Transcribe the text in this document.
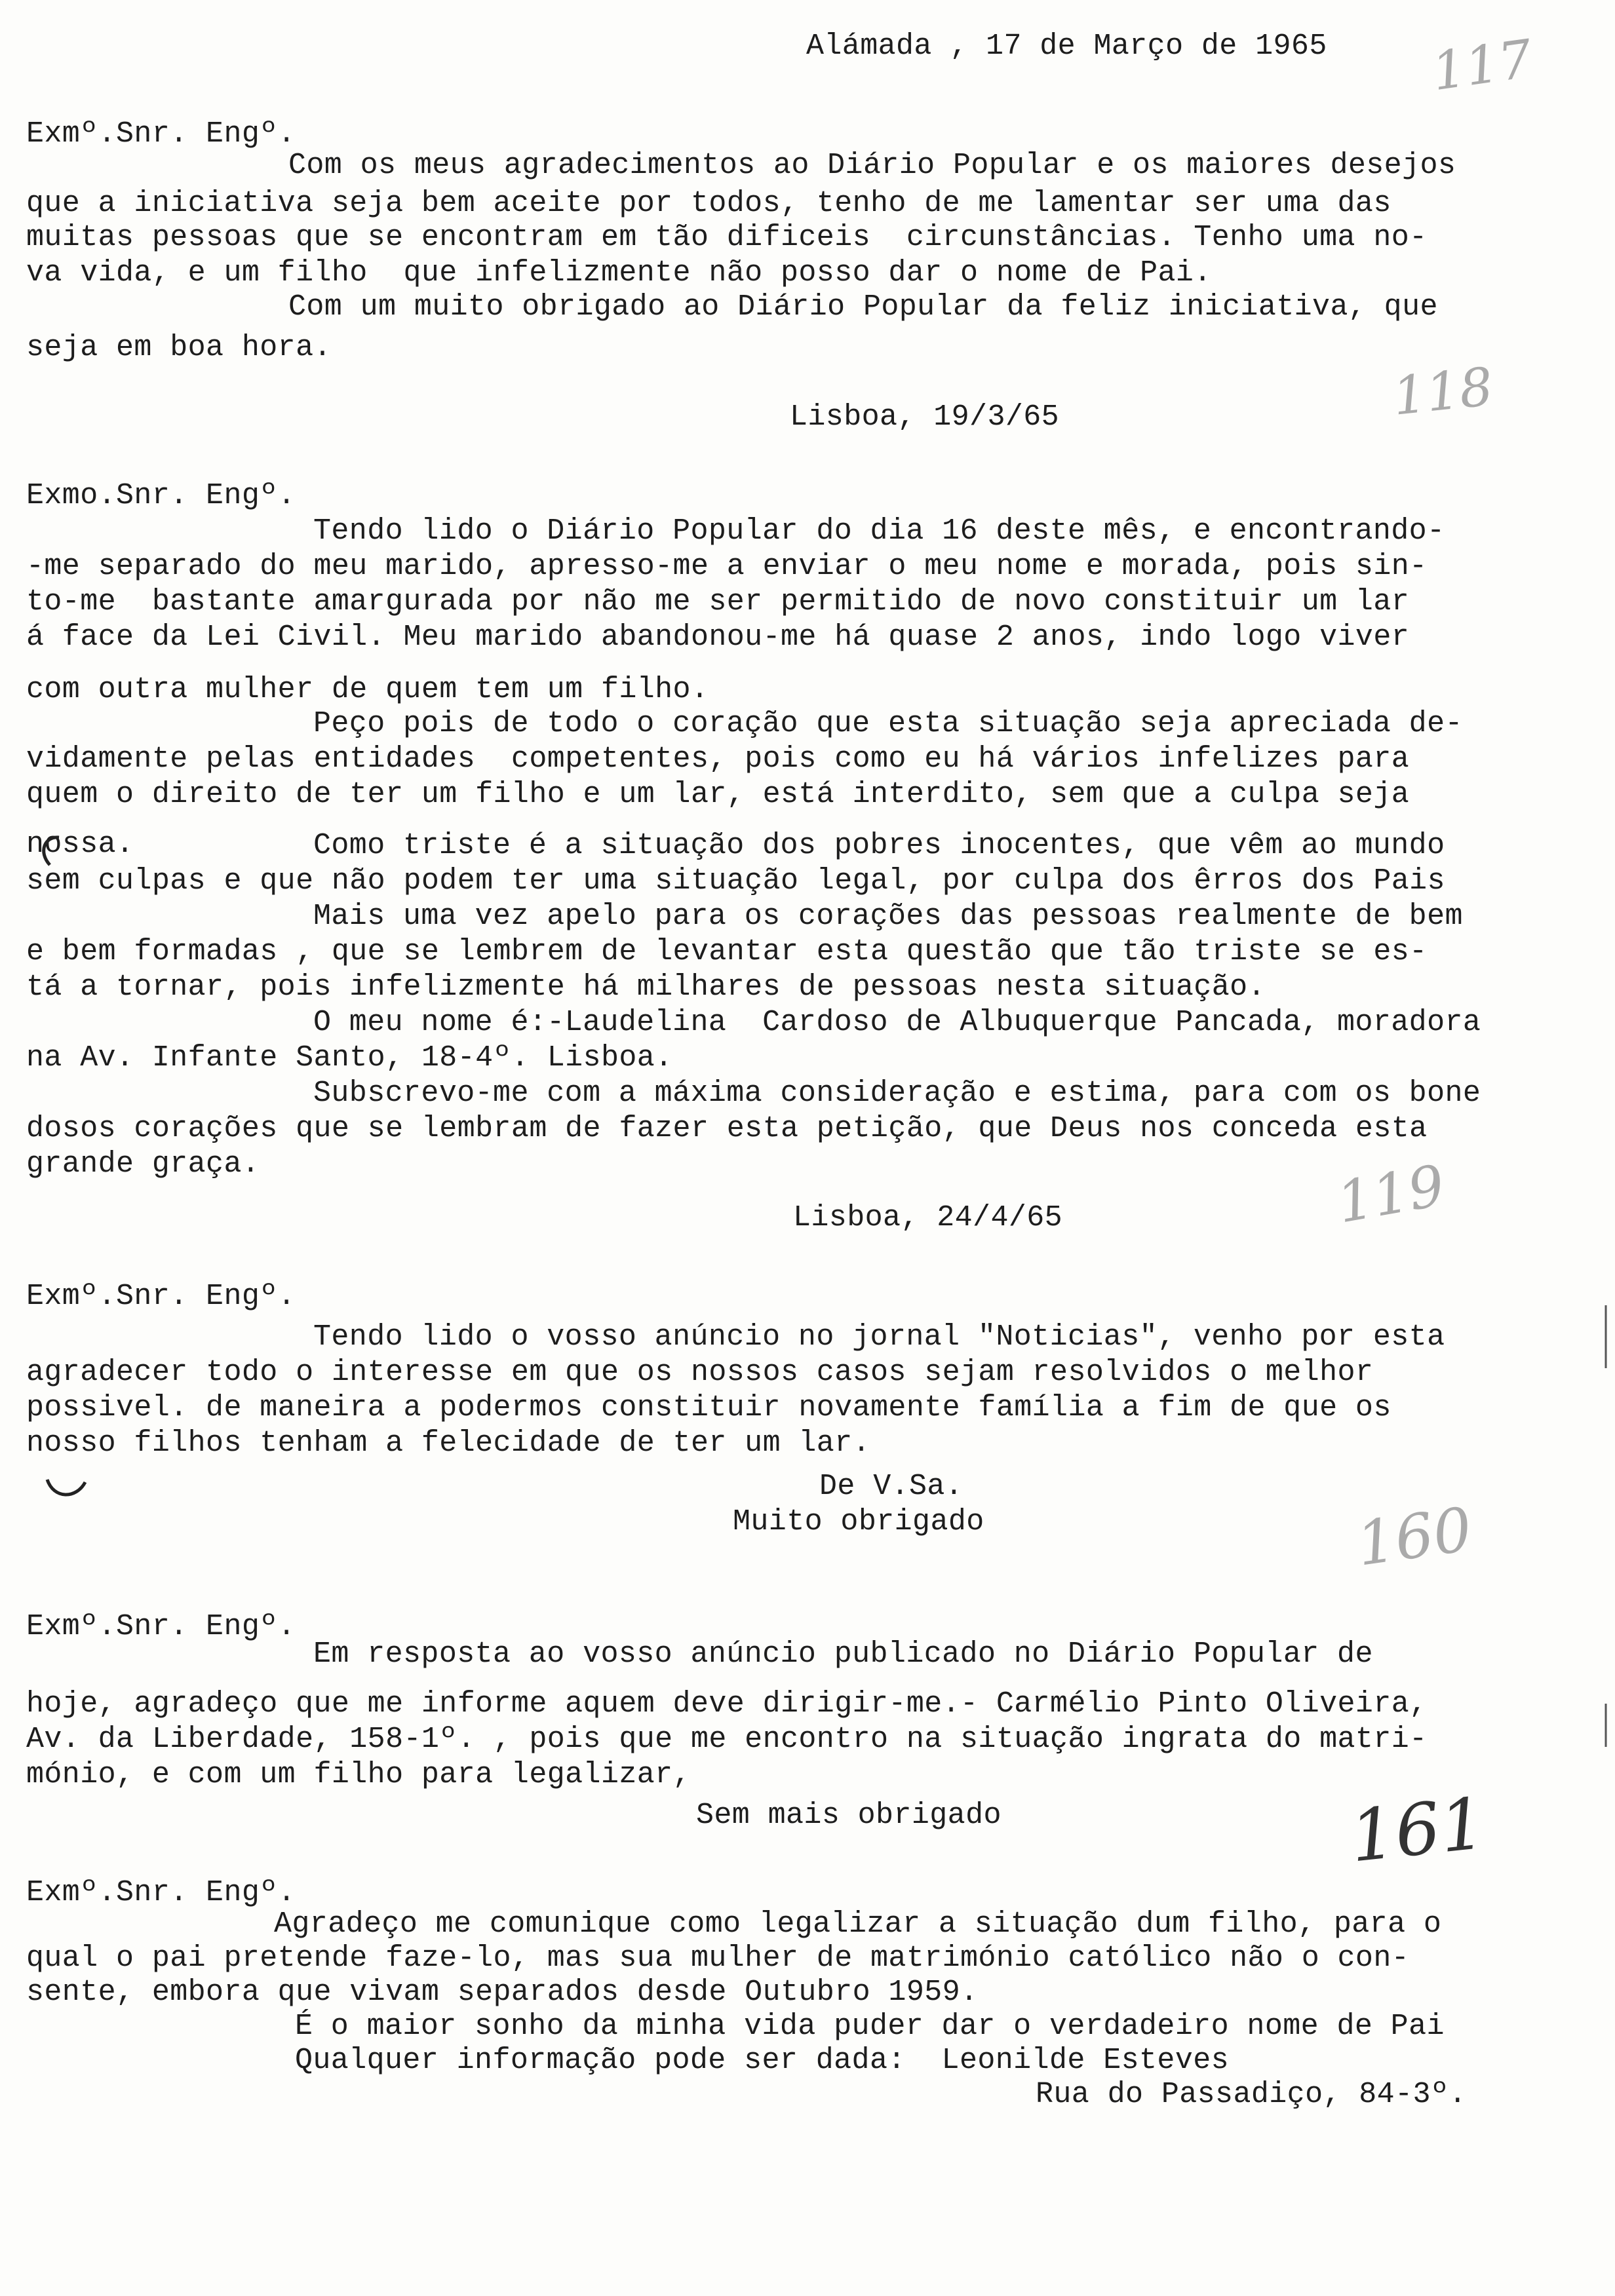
Alámada , 17 de Março de 1965 117
Exmº.Snr. Engº.
Com os meus agradecimentos ao Diário Popular e os maiores desejos
que a iniciativa seja bem aceite por todos, tenho de me lamentar ser uma das
muitas pessoas que se encontram em tão dificeis  circunstâncias. Tenho uma no-
va vida, e um filho  que infelizmente não posso dar o nome de Pai.
Com um muito obrigado ao Diário Popular da feliz iniciativa, que
seja em boa hora.
Lisboa, 19/3/65	118
Exmo.Snr. Engº.
Tendo lido o Diário Popular do dia 16 deste mês, e encontrando-
-me separado do meu marido, apresso-me a enviar o meu nome e morada, pois sin-
to-me  bastante amargurada por não me ser permitido de novo constituir um lar
á face da Lei Civil. Meu marido abandonou-me há quase 2 anos, indo logo viver
com outra mulher de quem tem um filho.
Peço pois de todo o coração que esta situação seja apreciada de-
vidamente pelas entidades  competentes, pois como eu há vários infelizes para
quem o direito de ter um filho e um lar, está interdito, sem que a culpa seja
nossa.	Como triste é a situação dos pobres inocentes, que vêm ao mundo
sem culpas e que não podem ter uma situação legal, por culpa dos êrros dos Pais
Mais uma vez apelo para os corações das pessoas realmente de bem
e bem formadas , que se lembrem de levantar esta questão que tão triste se es-
tá a tornar, pois infelizmente há milhares de pessoas nesta situação.
O meu nome é:-Laudelina  Cardoso de Albuquerque Pancada, moradora
na Av. Infante Santo, 18-4º. Lisboa.
Subscrevo-me com a máxima consideração e estima, para com os bone
dosos corações que se lembram de fazer esta petição, que Deus nos conceda esta
grande graça.
Lisboa, 24/4/65	119
Exmº.Snr. Engº.
Tendo lido o vosso anúncio no jornal "Noticias", venho por esta
agradecer todo o interesse em que os nossos casos sejam resolvidos o melhor
possivel. de maneira a podermos constituir novamente família a fim de que os
nosso filhos tenham a felecidade de ter um lar.
De V.Sa.
Muito obrigado	160
Exmº.Snr. Engº.
Em resposta ao vosso anúncio publicado no Diário Popular de
hoje, agradeço que me informe aquem deve dirigir-me.- Carmélio Pinto Oliveira,
Av. da Liberdade, 158-1º. , pois que me encontro na situação ingrata do matri-
mónio, e com um filho para legalizar,
Sem mais obrigado	161
Exmº.Snr. Engº.
Agradeço me comunique como legalizar a situação dum filho, para o
qual o pai pretende faze-lo, mas sua mulher de matrimónio católico não o con-
sente, embora que vivam separados desde Outubro 1959.
É o maior sonho da minha vida puder dar o verdadeiro nome de Pai
Qualquer informação pode ser dada:  Leonilde Esteves
Rua do Passadiço, 84-3º.
